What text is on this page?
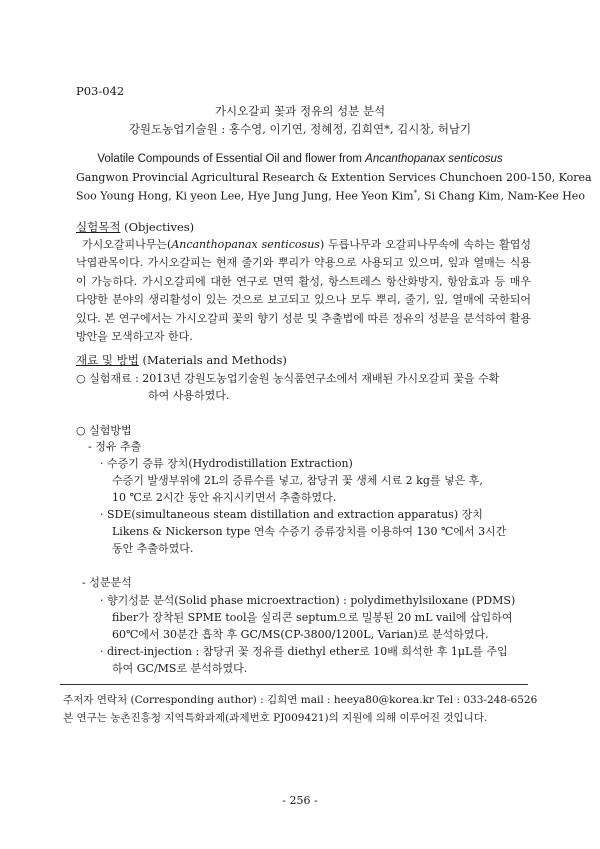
P03-042
가시오갈피 꽃과 정유의 성분 분석
강원도농업기술원 : 홍수영, 이기연, 정혜정, 김희연*, 김시창, 허남기
Volatile Compounds of Essential Oil and flower from Ancanthopanax senticosus
Gangwon Provincial Agricultural Research & Extention Services Chunchoen 200-150, Korea
Soo Young Hong, Ki yeon Lee, Hye Jung Jung, Hee Yeon Kim*, Si Chang Kim, Nam-Kee Heo
실험목적 (Objectives)
가시오갈피나무는(Ancanthopanax senticosus) 두릅나무과 오갈피나무속에 속하는 활엽성 낙엽관목이다. 가시오갈피는 현재 줄기와 뿌리가 약용으로 사용되고 있으며, 잎과 열매는 식용이 가능하다. 가시오갈피에 대한 연구로 면역 활성, 항스트레스 항산화방지, 항암효과 등 매우 다양한 분야의 생리활성이 있는 것으로 보고되고 있으나 모두 뿌리, 줄기, 잎, 열매에 국한되어 있다. 본 연구에서는 가시오갈피 꽃의 향기 성분 및 추출법에 따른 정유의 성분을 분석하여 활용방안을 모색하고자 한다.
재료 및 방법 (Materials and Methods)
○ 실험재료 : 2013년 강원도농업기술원 농식품연구소에서 재배된 가시오갈피 꽃을 수확
하여 사용하였다.
○ 실험방법
- 정유 추출
· 수증기 증류 장치(Hydrodistillation Extraction)
수증기 발생부위에 2L의 증류수를 넣고, 참당귀 꽃 생체 시료 2 kg를 넣은 후,
10 ℃로 2시간 동안 유지시키면서 추출하였다.
· SDE(simultaneous steam distillation and extraction apparatus) 장치
Likens & Nickerson type 연속 수증기 증류장치를 이용하여 130 ℃에서 3시간
동안 추출하였다.
- 성분분석
· 향기성분 분석(Solid phase microextraction) : polydimethylsiloxane (PDMS)
fiber가 장착된 SPME tool을 실리콘 septum으로 밀봉된 20 mL vail에 삽입하여
60℃에서 30분간 흡착 후 GC/MS(CP-3800/1200L, Varian)로 분석하였다.
· direct-injection : 참당귀 꽃 정유를 diethyl ether로 10배 희석한 후 1μL를 주입
하여 GC/MS로 분석하였다.
주저자 연락처 (Corresponding author) : 김희연 mail : heeya80@korea.kr Tel : 033-248-6526
본 연구는 농촌진흥청 지역특화과제(과제번호 PJ009421)의 지원에 의해 이루어진 것입니다.
- 256 -
